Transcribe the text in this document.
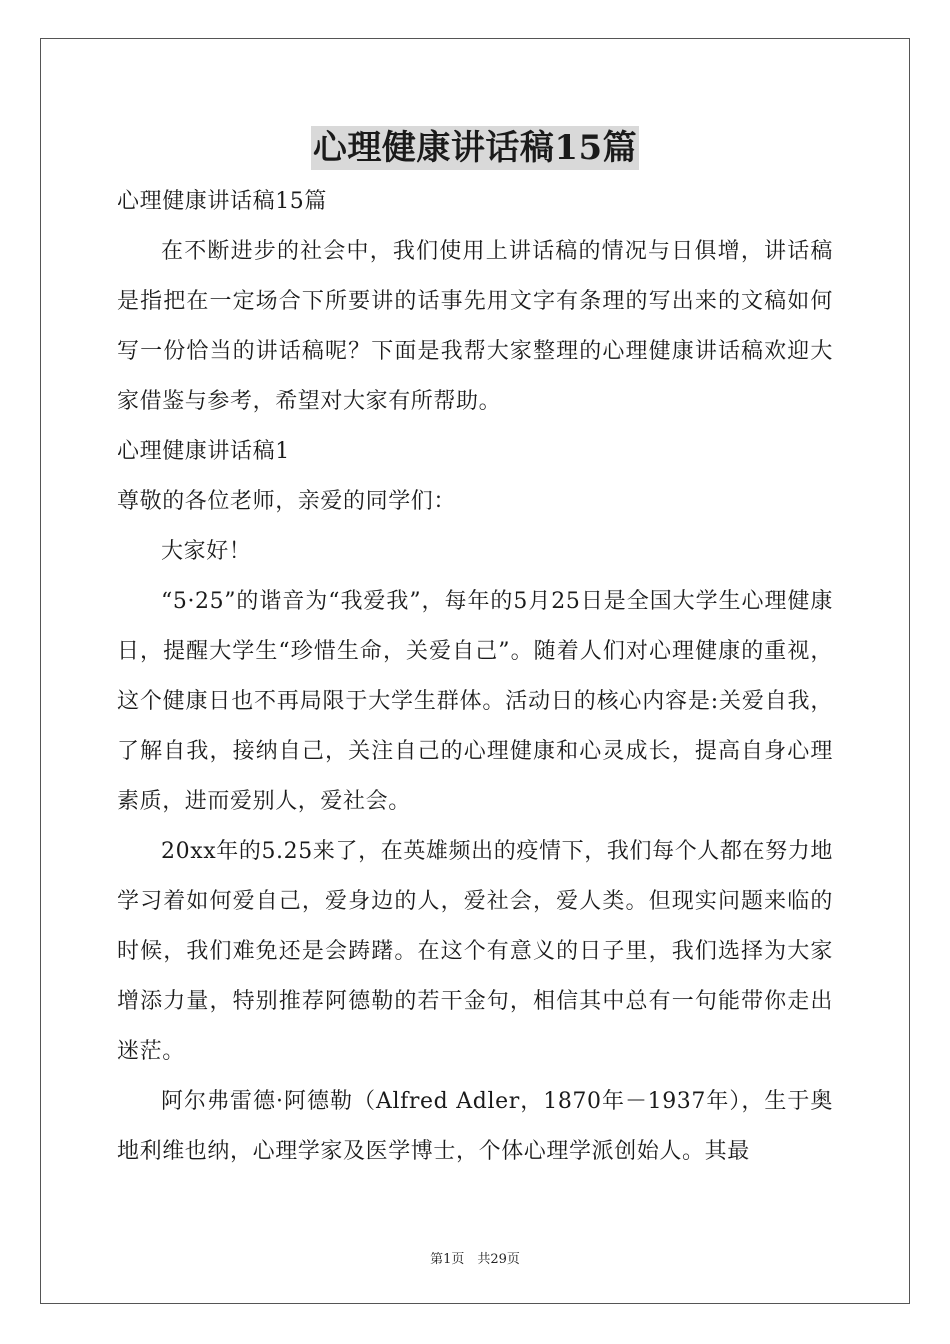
心理健康讲话稿15篇

心理健康讲话稿15篇

在不断进步的社会中，我们使用上讲话稿的情况与日俱增，讲话稿是指把在一定场合下所要讲的话事先用文字有条理的写出来的文稿如何写一份恰当的讲话稿呢？下面是我帮大家整理的心理健康讲话稿欢迎大家借鉴与参考，希望对大家有所帮助。

心理健康讲话稿1

尊敬的各位老师，亲爱的同学们：

大家好！

“5·25”的谐音为“我爱我”，每年的5月25日是全国大学生心理健康日，提醒大学生“珍惜生命，关爱自己”。随着人们对心理健康的重视，这个健康日也不再局限于大学生群体。活动日的核心内容是:关爱自我，了解自我，接纳自己，关注自己的心理健康和心灵成长，提高自身心理素质，进而爱别人，爱社会。

20xx年的5.25来了，在英雄频出的疫情下，我们每个人都在努力地学习着如何爱自己，爱身边的人，爱社会，爱人类。但现实问题来临的时候，我们难免还是会踌躇。在这个有意义的日子里，我们选择为大家增添力量，特别推荐阿德勒的若干金句，相信其中总有一句能带你走出迷茫。

阿尔弗雷德·阿德勒（Alfred Adler，1870年－1937年），生于奥地利维也纳，心理学家及医学博士，个体心理学派创始人。其最

第1页　共29页
